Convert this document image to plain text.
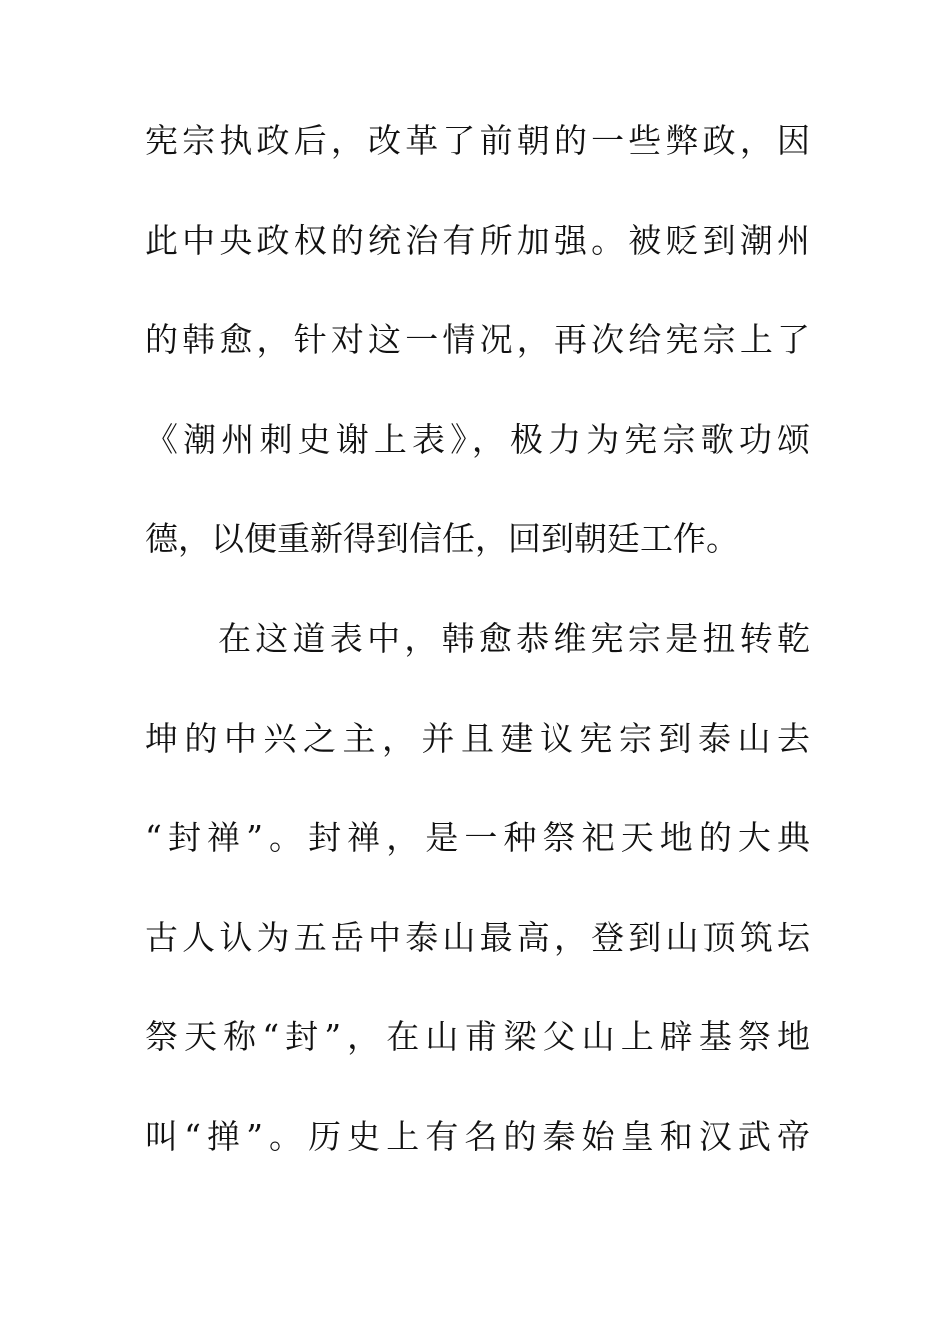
宪宗执政后，改革了前朝的一些弊政，因
此中央政权的统治有所加强。被贬到潮州
的韩愈，针对这一情况，再次给宪宗上了
《潮州刺史谢上表》，极力为宪宗歌功颂
德，以便重新得到信任，回到朝廷工作。
在这道表中，韩愈恭维宪宗是扭转乾
坤的中兴之主，并且建议宪宗到泰山去
“封禅”。封禅，是一种祭祀天地的大典
古人认为五岳中泰山最高，登到山顶筑坛
祭天称“封”，在山甫梁父山上辟基祭地
叫“掸”。历史上有名的秦始皇和汉武帝
